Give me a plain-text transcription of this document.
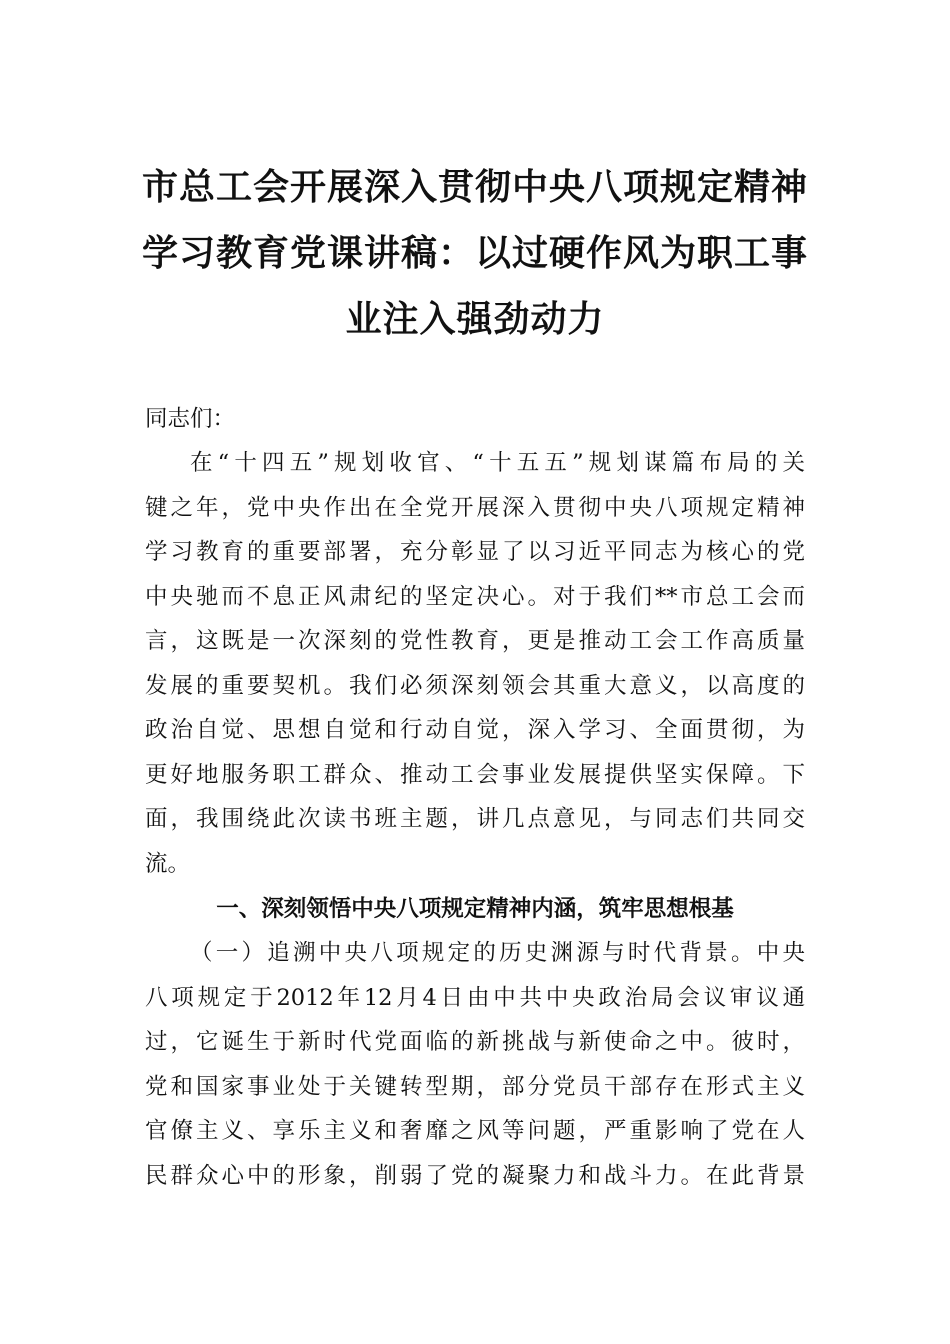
市总工会开展深入贯彻中央八项规定精神
学习教育党课讲稿：以过硬作风为职工事
业注入强劲动力

同志们：

在“十四五”规划收官、“十五五”规划谋篇布局的关
键之年，党中央作出在全党开展深入贯彻中央八项规定精神
学习教育的重要部署，充分彰显了以习近平同志为核心的党
中央驰而不息正风肃纪的坚定决心。对于我们**市总工会而
言，这既是一次深刻的党性教育，更是推动工会工作高质量
发展的重要契机。我们必须深刻领会其重大意义，以高度的
政治自觉、思想自觉和行动自觉，深入学习、全面贯彻，为
更好地服务职工群众、推动工会事业发展提供坚实保障。下
面，我围绕此次读书班主题，讲几点意见，与同志们共同交
流。

一、深刻领悟中央八项规定精神内涵，筑牢思想根基

（一）追溯中央八项规定的历史渊源与时代背景。中央
八项规定于2012年12月4日由中共中央政治局会议审议通
过，它诞生于新时代党面临的新挑战与新使命之中。彼时，
党和国家事业处于关键转型期，部分党员干部存在形式主义
官僚主义、享乐主义和奢靡之风等问题，严重影响了党在人
民群众心中的形象，削弱了党的凝聚力和战斗力。在此背景
